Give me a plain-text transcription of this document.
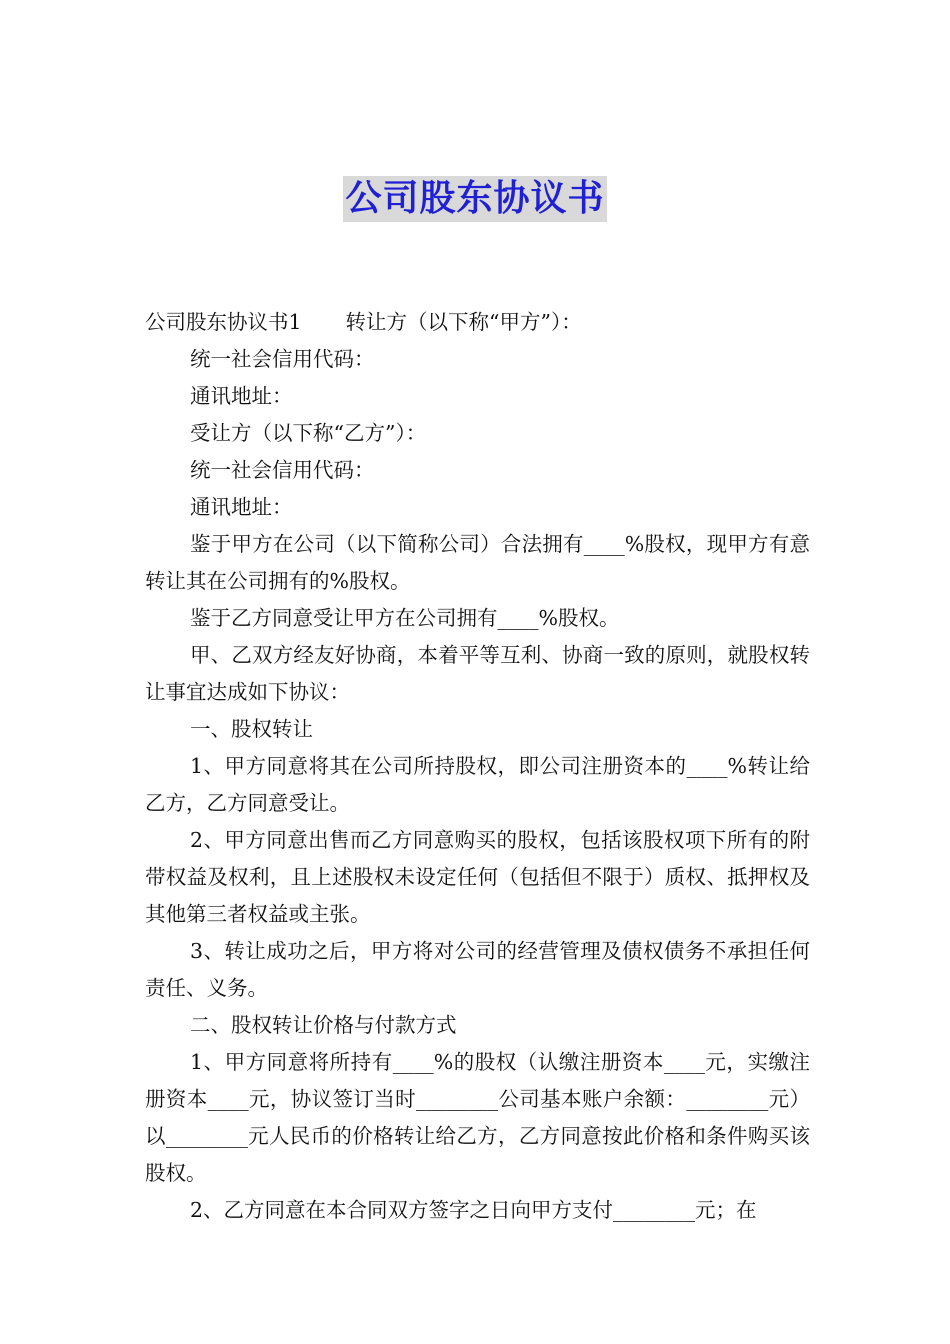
公司股东协议书

公司股东协议书1 转让方（以下称“甲方”）：

统一社会信用代码：

通讯地址：

受让方（以下称“乙方”）：

统一社会信用代码：

通讯地址：

鉴于甲方在公司（以下简称公司）合法拥有____%股权，现甲方有意转让其在公司拥有的%股权。

鉴于乙方同意受让甲方在公司拥有____%股权。

甲、乙双方经友好协商，本着平等互利、协商一致的原则，就股权转让事宜达成如下协议：

一、股权转让

1、甲方同意将其在公司所持股权，即公司注册资本的____%转让给乙方，乙方同意受让。

2、甲方同意出售而乙方同意购买的股权，包括该股权项下所有的附带权益及权利，且上述股权未设定任何（包括但不限于）质权、抵押权及其他第三者权益或主张。

3、转让成功之后，甲方将对公司的经营管理及债权债务不承担任何责任、义务。

二、股权转让价格与付款方式

1、甲方同意将所持有____%的股权（认缴注册资本____元，实缴注册资本____元，协议签订当时________公司基本账户余额：________元）以________元人民币的价格转让给乙方，乙方同意按此价格和条件购买该股权。

2、乙方同意在本合同双方签字之日向甲方支付________元；在
